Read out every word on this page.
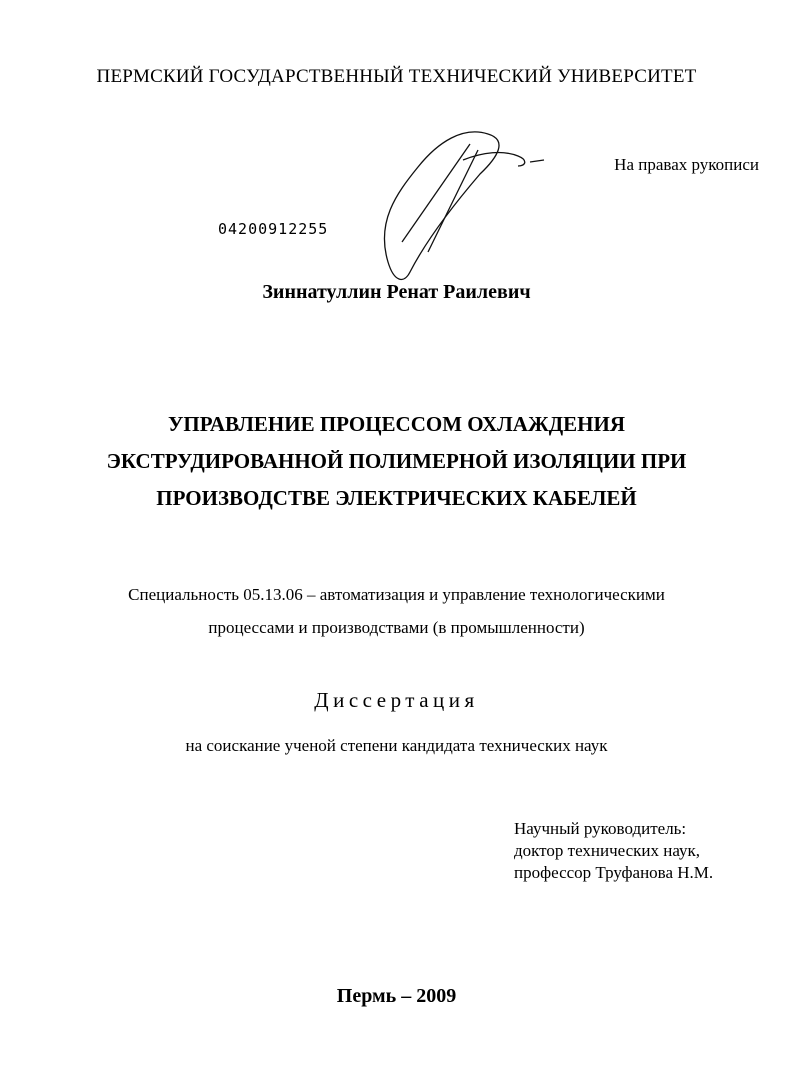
ПЕРМСКИЙ ГОСУДАРСТВЕННЫЙ ТЕХНИЧЕСКИЙ УНИВЕРСИТЕТ
На правах рукописи
04200912255
Зиннатуллин Ренат Раилевич
УПРАВЛЕНИЕ ПРОЦЕССОМ ОХЛАЖДЕНИЯ
ЭКСТРУДИРОВАННОЙ ПОЛИМЕРНОЙ ИЗОЛЯЦИИ ПРИ
ПРОИЗВОДСТВЕ ЭЛЕКТРИЧЕСКИХ КАБЕЛЕЙ
Специальность 05.13.06 – автоматизация и управление технологическими
процессами и производствами (в промышленности)
Диссертация
на соискание ученой степени кандидата технических наук
Научный руководитель:
доктор технических наук,
профессор Труфанова Н.М.
Пермь – 2009
